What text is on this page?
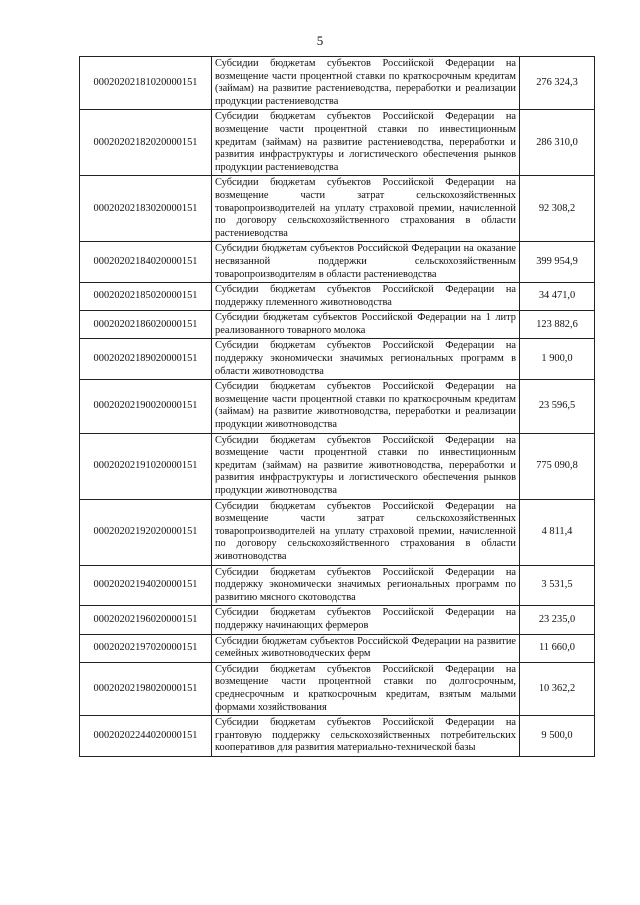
5
00020202181020000151	Субсидии бюджетам субъектов Российской Федерации на возмещение части процентной ставки по краткосрочным кредитам (займам) на развитие растениеводства, переработки и реализации продукции растениеводства	276 324,3
00020202182020000151	Субсидии бюджетам субъектов Российской Федерации на возмещение части процентной ставки по инвестиционным кредитам (займам) на развитие растениеводства, переработки и развития инфраструктуры и логистического обеспечения рынков продукции растениеводства	286 310,0
00020202183020000151	Субсидии бюджетам субъектов Российской Федерации на возмещение части затрат сельскохозяйственных товаропроизводителей на уплату страховой премии, начисленной по договору сельскохозяйственного страхования в области растениеводства	92 308,2
00020202184020000151	Субсидии бюджетам субъектов Российской Федерации на оказание несвязанной поддержки сельскохозяйственным товаропроизводителям в области растениеводства	399 954,9
00020202185020000151	Субсидии бюджетам субъектов Российской Федерации на поддержку племенного животноводства	34 471,0
00020202186020000151	Субсидии бюджетам субъектов Российской Федерации на 1 литр реализованного товарного молока	123 882,6
00020202189020000151	Субсидии бюджетам субъектов Российской Федерации на поддержку экономически значимых региональных программ в области животноводства	1 900,0
00020202190020000151	Субсидии бюджетам субъектов Российской Федерации на возмещение части процентной ставки по краткосрочным кредитам (займам) на развитие животноводства, переработки и реализации продукции животноводства	23 596,5
00020202191020000151	Субсидии бюджетам субъектов Российской Федерации на возмещение части процентной ставки по инвестиционным кредитам (займам) на развитие животноводства, переработки и развития инфраструктуры и логистического обеспечения рынков продукции животноводства	775 090,8
00020202192020000151	Субсидии бюджетам субъектов Российской Федерации на возмещение части затрат сельскохозяйственных товаропроизводителей на уплату страховой премии, начисленной по договору сельскохозяйственного страхования в области животноводства	4 811,4
00020202194020000151	Субсидии бюджетам субъектов Российской Федерации на поддержку экономически значимых региональных программ по развитию мясного скотоводства	3 531,5
00020202196020000151	Субсидии бюджетам субъектов Российской Федерации на поддержку начинающих фермеров	23 235,0
00020202197020000151	Субсидии бюджетам субъектов Российской Федерации на развитие семейных животноводческих ферм	11 660,0
00020202198020000151	Субсидии бюджетам субъектов Российской Федерации на возмещение части процентной ставки по долгосрочным, среднесрочным и краткосрочным кредитам, взятым малыми формами хозяйствования	10 362,2
00020202244020000151	Субсидии бюджетам субъектов Российской Федерации на грантовую поддержку сельскохозяйственных потребительских кооперативов для развития материально-технической базы	9 500,0
